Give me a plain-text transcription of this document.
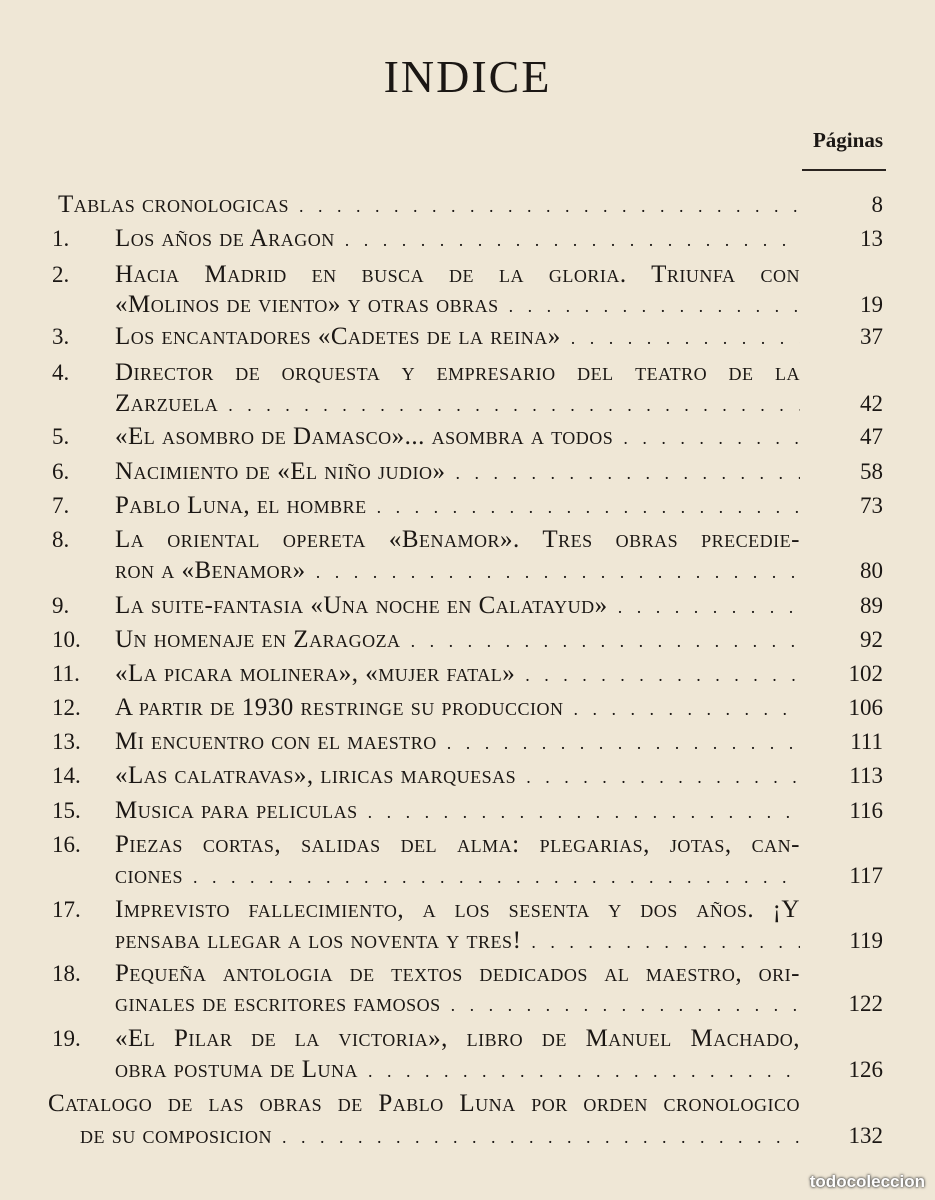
INDICE
Páginas
Tablas cronologicas . . .	8
1.	Los años de Aragon . . .	13
2.	Hacia Madrid en busca de la gloria. Triunfa con
«Molinos de viento» y otras obras . . .	19
3.	Los encantadores «Cadetes de la reina» . . .	37
4.	Director de orquesta y empresario del teatro de la
Zarzuela . . .	42
5.	«El asombro de Damasco»... asombra a todos . . .	47
6.	Nacimiento de «El niño judio» . . .	58
7.	Pablo Luna, el hombre . . .	73
8.	La oriental opereta «Benamor». Tres obras precedie-
ron a «Benamor» . . .	80
9.	La suite-fantasia «Una noche en Calatayud» . . .	89
10.	Un homenaje en Zaragoza . . .	92
11.	«La picara molinera», «mujer fatal» . . .	102
12.	A partir de 1930 restringe su produccion . . .	106
13.	Mi encuentro con el maestro . . .	111
14.	«Las calatravas», liricas marquesas . . .	113
15.	Musica para peliculas . . .	116
16.	Piezas cortas, salidas del alma: plegarias, jotas, can-
ciones . . .	117
17.	Imprevisto fallecimiento, a los sesenta y dos años. ¡Y
pensaba llegar a los noventa y tres! . . .	119
18.	Pequeña antologia de textos dedicados al maestro, ori-
ginales de escritores famosos . . .	122
19.	«El Pilar de la victoria», libro de Manuel Machado,
obra postuma de Luna . . .	126
Catalogo de las obras de Pablo Luna por orden cronologico
de su composicion . . .	132
todocoleccion
